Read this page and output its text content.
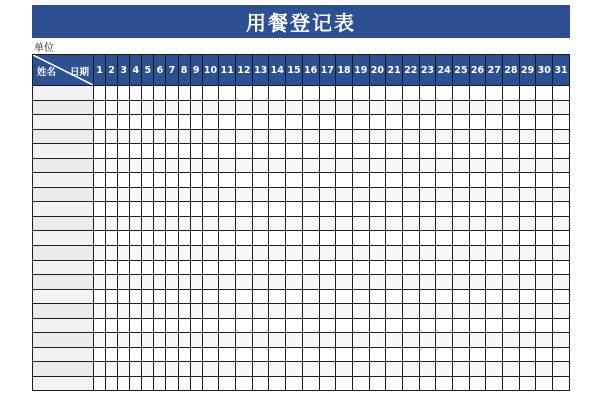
用餐登记表
单位
姓名 日期	1	2	3	4	5	6	7	8	9	10	11	12	13	14	15	16	17	18	19	20	21	22	23	24	25	26	27	28	29	30	31
